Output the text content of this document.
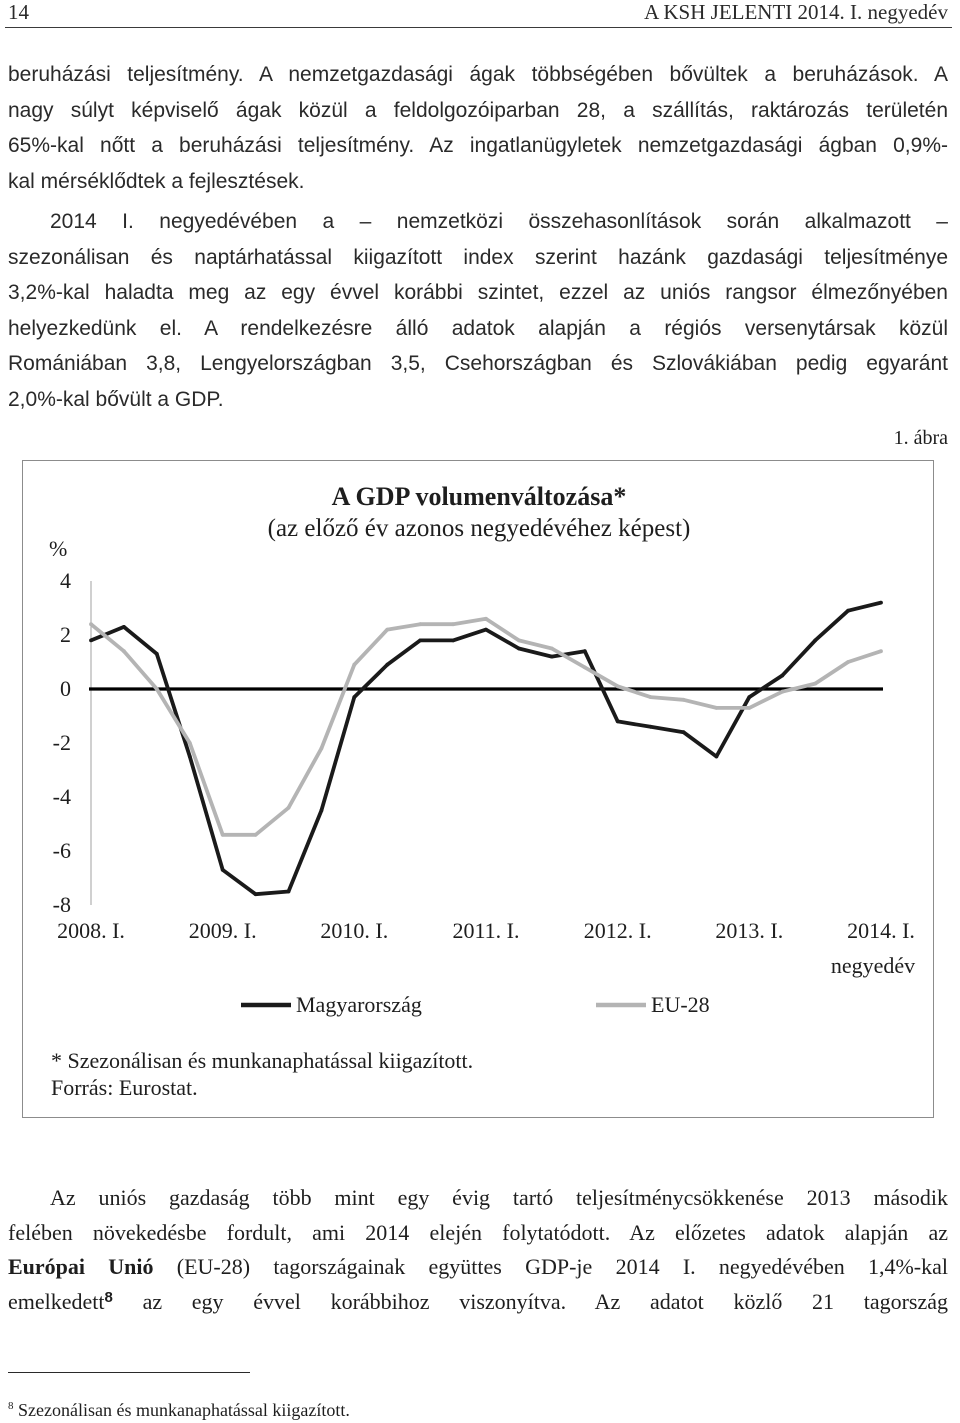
14	A KSH JELENTI 2014. I. negyedév
beruházási teljesítmény. A nemzetgazdasági ágak többségében bővültek a beruházások. A
nagy súlyt képviselő ágak közül a feldolgozóiparban 28, a szállítás, raktározás területén
65%-kal nőtt a beruházási teljesítmény. Az ingatlanügyletek nemzetgazdasági ágban 0,9%-
kal mérséklődtek a fejlesztések.
2014 I. negyedévében a – nemzetközi összehasonlítások során alkalmazott –
szezonálisan és naptárhatással kiigazított index szerint hazánk gazdasági teljesítménye
3,2%-kal haladta meg az egy évvel korábbi szintet, ezzel az uniós rangsor élmezőnyében
helyezkedünk el. A rendelkezésre álló adatok alapján a régiós versenytársak közül
Romániában 3,8, Lengyelországban 3,5, Csehországban és Szlovákiában pedig egyaránt
2,0%-kal bővült a GDP.
1. ábra
A GDP volumenváltozása*
(az előző év azonos negyedévéhez képest)
%
4
2
0
-2
-4
-6
-8
2008. I.	2009. I.	2010. I.	2011. I.	2012. I.	2013. I.	2014. I.
negyedév
Magyarország	EU-28
* Szezonálisan és munkanaphatással kiigazított.
Forrás: Eurostat.
Az uniós gazdaság több mint egy évig tartó teljesítménycsökkenése 2013 második
felében növekedésbe fordult, ami 2014 elején folytatódott. Az előzetes adatok alapján az
Európai Unió (EU-28) tagországainak együttes GDP-je 2014 I. negyedévében 1,4%-kal
emelkedett$^8$ az egy évvel korábbihoz viszonyítva. Az adatot közlő 21 tagország
$^8$ Szezonálisan és munkanaphatással kiigazított.
